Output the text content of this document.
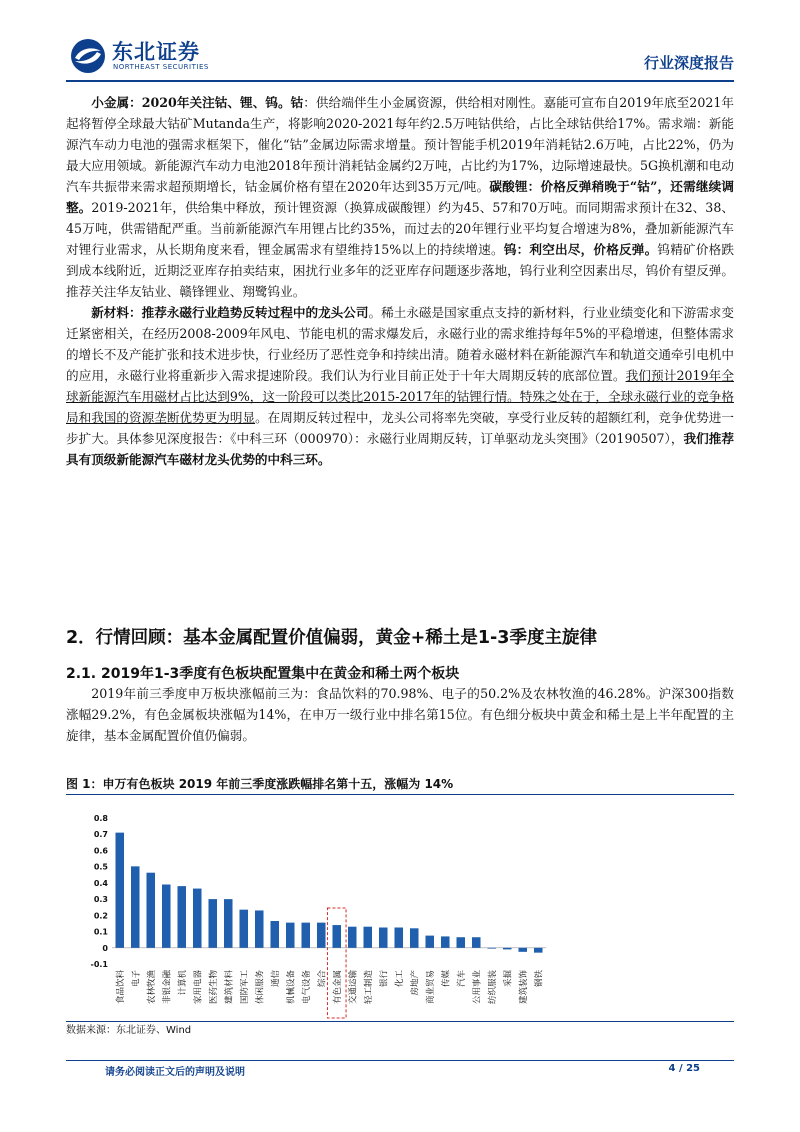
东北证券
NORTHEAST SECURITIES	行业深度报告

小金属：2020年关注钴、锂、钨。钴：供给端伴生小金属资源，供给相对刚性。嘉能可宣布自2019年底至2021年起将暂停全球最大钴矿Mutanda生产，将影响2020-2021每年约2.5万吨钴供给，占比全球钴供给17%。需求端：新能源汽车动力电池的强需求框架下，催化“钴”金属边际需求增量。预计智能手机2019年消耗钴2.6万吨，占比22%，仍为最大应用领域。新能源汽车动力电池2018年预计消耗钴金属约2万吨，占比约为17%，边际增速最快。5G换机潮和电动汽车共振带来需求超预期增长，钴金属价格有望在2020年达到35万元/吨。碳酸锂：价格反弹稍晚于“钴”，还需继续调整。2019-2021年，供给集中释放，预计锂资源（换算成碳酸锂）约为45、57和70万吨。而同期需求预计在32、38、45万吨，供需错配严重。当前新能源汽车用锂占比约35%，而过去的20年锂行业平均复合增速为8%，叠加新能源汽车对锂行业需求，从长期角度来看，锂金属需求有望维持15%以上的持续增速。钨：利空出尽，价格反弹。钨精矿价格跌到成本线附近，近期泛亚库存拍卖结束，困扰行业多年的泛亚库存问题逐步落地，钨行业利空因素出尽，钨价有望反弹。推荐关注华友钴业、赣锋锂业、翔鹭钨业。

新材料：推荐永磁行业趋势反转过程中的龙头公司。稀土永磁是国家重点支持的新材料，行业业绩变化和下游需求变迁紧密相关，在经历2008-2009年风电、节能电机的需求爆发后，永磁行业的需求维持每年5%的平稳增速，但整体需求的增长不及产能扩张和技术进步快，行业经历了恶性竞争和持续出清。随着永磁材料在新能源汽车和轨道交通牵引电机中的应用，永磁行业将重新步入需求提速阶段。我们认为行业目前正处于十年大周期反转的底部位置。我们预计2019年全球新能源汽车用磁材占比达到9%，这一阶段可以类比2015-2017年的钴锂行情。特殊之处在于，全球永磁行业的竞争格局和我国的资源垄断优势更为明显。在周期反转过程中，龙头公司将率先突破，享受行业反转的超额红利，竞争优势进一步扩大。具体参见深度报告：《中科三环（000970）：永磁行业周期反转，订单驱动龙头突围》（20190507），我们推荐具有顶级新能源汽车磁材龙头优势的中科三环。

2．行情回顾：基本金属配置价值偏弱，黄金+稀土是1-3季度主旋律
2.1. 2019年1-3季度有色板块配置集中在黄金和稀土两个板块

2019年前三季度申万板块涨幅前三为：食品饮料的70.98%、电子的50.2%及农林牧渔的46.28%。沪深300指数涨幅29.2%，有色金属板块涨幅为14%，在申万一级行业中排名第15位。有色细分板块中黄金和稀土是上半年配置的主旋律，基本金属配置价值仍偏弱。

图 1：申万有色板块 2019 年前三季度涨跌幅排名第十五，涨幅为 14%
-0.1
0
0.1
0.2
0.3
0.4
0.5
0.6
0.7
0.8
食品饮料 电子 农林牧渔 非银金融 计算机 家用电器 医药生物 建筑材料 国防军工 休闲服务 通信 机械设备 电气设备 综合 有色金属 交通运输 轻工制造 银行 化工 房地产 商业贸易 传媒 汽车 公用事业 纺织服装 采掘 建筑装饰 钢铁
数据来源：东北证券、Wind
请务必阅读正文后的声明及说明	4 / 25
